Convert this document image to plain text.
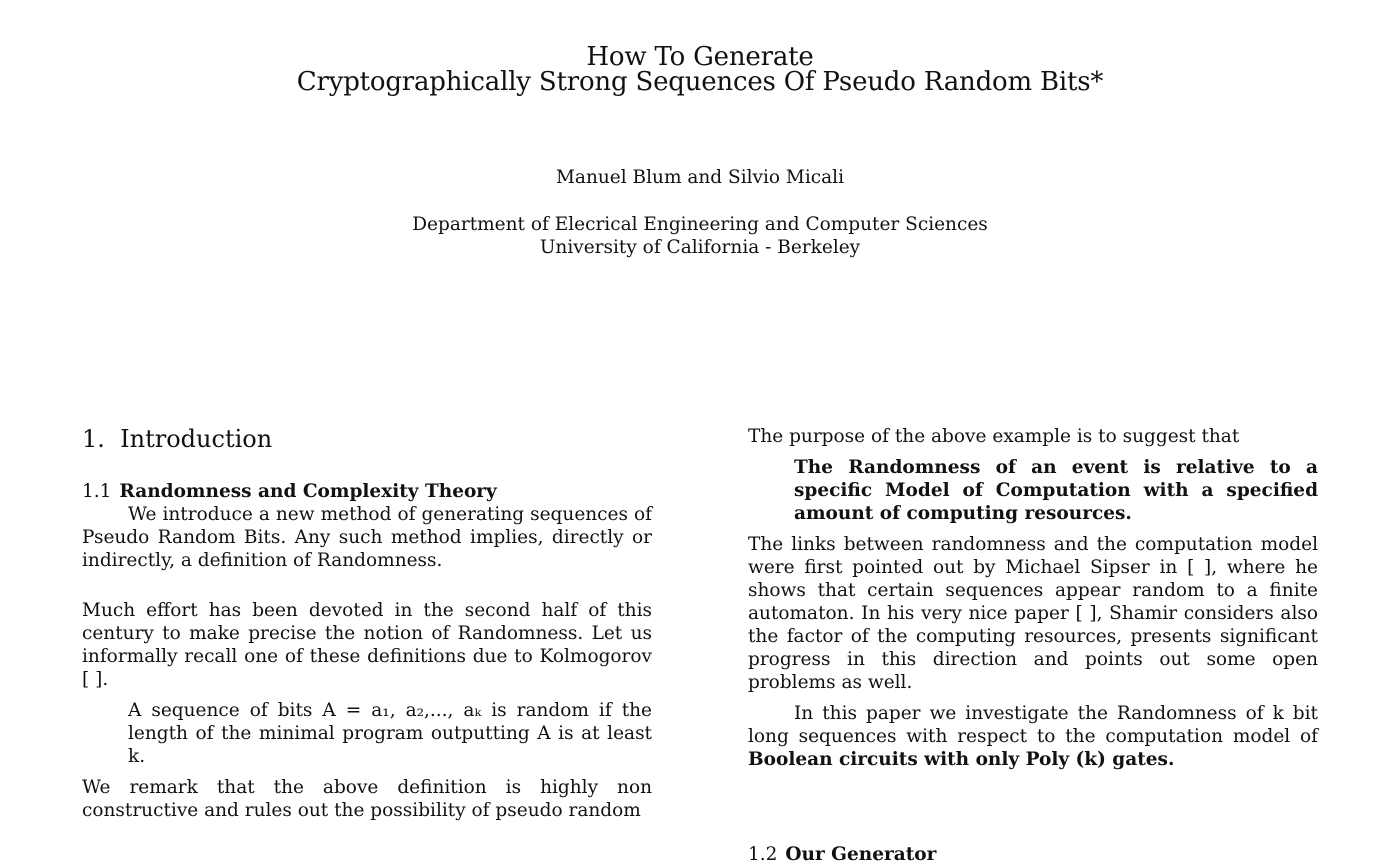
How To Generate
Cryptographically Strong Sequences Of Pseudo Random Bits*
Manuel Blum and Silvio Micali
Department of Elecrical Engineering and Computer Sciences
University of California - Berkeley
1. Introduction
1.1 Randomness and Complexity Theory

We introduce a new method of generating sequences of Pseudo Random Bits. Any such method implies, directly or indirectly, a definition of Randomness.

Much effort has been devoted in the second half of this century to make precise the notion of Randomness. Let us informally recall one of these definitions due to Kolmogorov [ ].

A sequence of bits A = a₁, a₂,..., aₖ is random if the length of the minimal program outputting A is at least k.

We remark that the above definition is highly non constructive and rules out the possibility of pseudo random

The purpose of the above example is to suggest that

The Randomness of an event is relative to a specific Model of Computation with a specified amount of computing resources.

The links between randomness and the computation model were first pointed out by Michael Sipser in [ ], where he shows that certain sequences appear random to a finite automaton. In his very nice paper [ ], Shamir considers also the factor of the computing resources, presents significant progress in this direction and points out some open problems as well.

In this paper we investigate the Randomness of k bit long sequences with respect to the computation model of Boolean circuits with only Poly (k) gates.

1.2 Our Generator
